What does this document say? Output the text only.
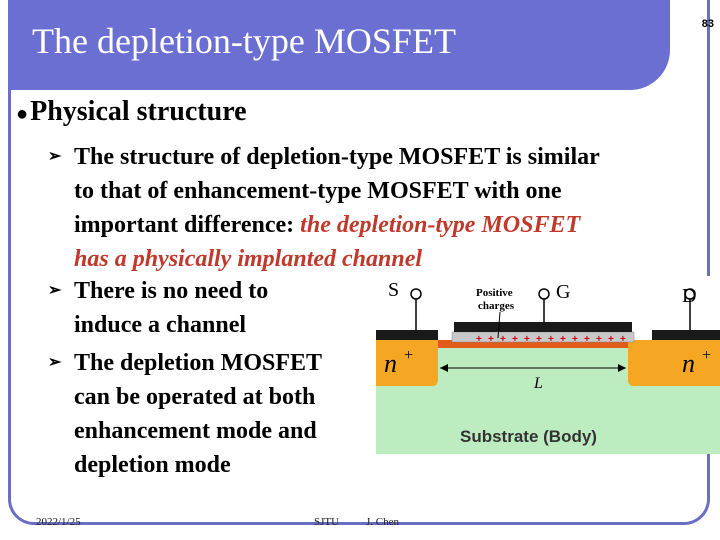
The depletion-type MOSFET	83
●Physical structure
➢ The structure of depletion-type MOSFET is similar
to that of enhancement-type MOSFET with one
important difference: the depletion-type MOSFET
has a physically implanted channel
➢ There is no need to
induce a channel
➢ The depletion MOSFET
can be operated at both
enhancement mode and
depletion mode
S	G	D
Positive
charges
+ + + + + + + + + + + + +
n +	n +
L
Substrate (Body)
2022/1/25	SJTU J. Chen
